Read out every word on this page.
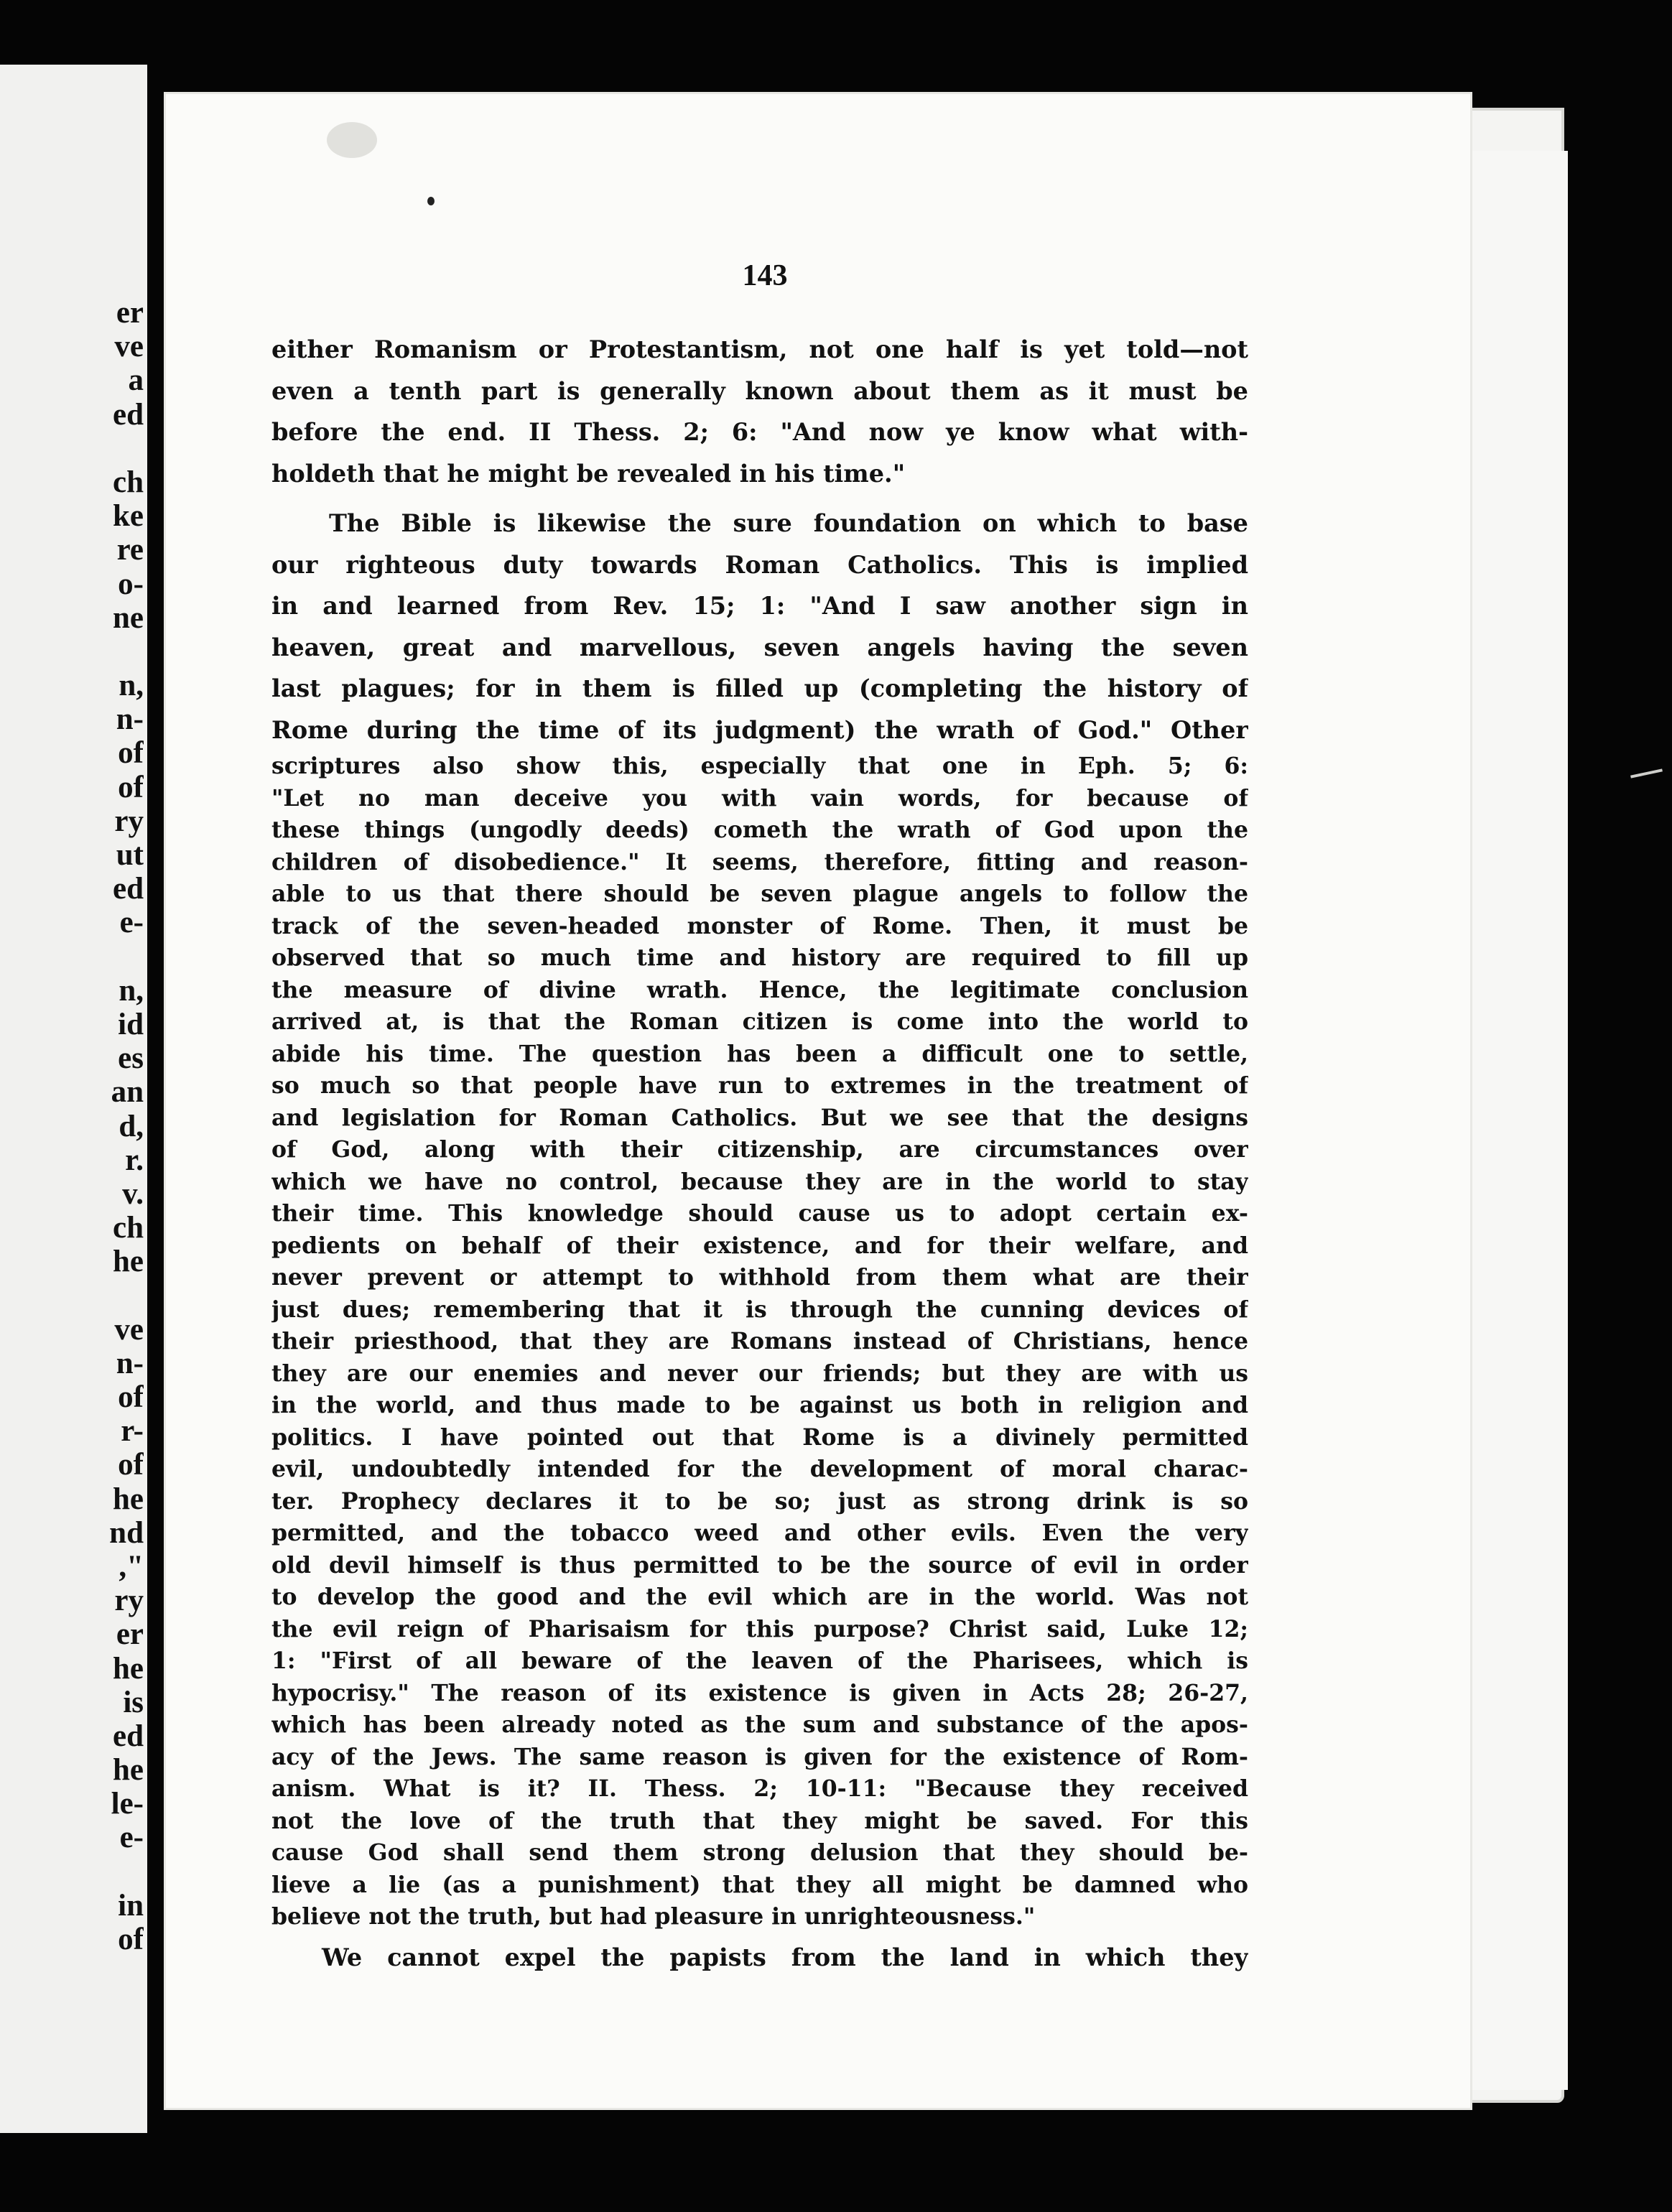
er
ve
a
ed
ch
ke
re
o-
ne
n,
n-
of
of
ry
ut
ed
e-
n,
id
es
an
d,
r.
v.
ch
he
ve
n-
of
r-
of
he
nd
,"
ry
er
he
is
ed
he
le-
e-
in
of
143
either Romanism or Protestantism, not one half is yet told—not
even a tenth part is generally known about them as it must be
before the end. II Thess. 2; 6: "And now ye know what with-
holdeth that he might be revealed in his time."
The Bible is likewise the sure foundation on which to base
our righteous duty towards Roman Catholics. This is implied
in and learned from Rev. 15; 1: "And I saw another sign in
heaven, great and marvellous, seven angels having the seven
last plagues; for in them is filled up (completing the history of
Rome during the time of its judgment) the wrath of God." Other
scriptures also show this, especially that one in Eph. 5; 6:
"Let no man deceive you with vain words, for because of
these things (ungodly deeds) cometh the wrath of God upon the
children of disobedience." It seems, therefore, fitting and reason-
able to us that there should be seven plague angels to follow the
track of the seven-headed monster of Rome. Then, it must be
observed that so much time and history are required to fill up
the measure of divine wrath. Hence, the legitimate conclusion
arrived at, is that the Roman citizen is come into the world to
abide his time. The question has been a difficult one to settle,
so much so that people have run to extremes in the treatment of
and legislation for Roman Catholics. But we see that the designs
of God, along with their citizenship, are circumstances over
which we have no control, because they are in the world to stay
their time. This knowledge should cause us to adopt certain ex-
pedients on behalf of their existence, and for their welfare, and
never prevent or attempt to withhold from them what are their
just dues; remembering that it is through the cunning devices of
their priesthood, that they are Romans instead of Christians, hence
they are our enemies and never our friends; but they are with us
in the world, and thus made to be against us both in religion and
politics. I have pointed out that Rome is a divinely permitted
evil, undoubtedly intended for the development of moral charac-
ter. Prophecy declares it to be so; just as strong drink is so
permitted, and the tobacco weed and other evils. Even the very
old devil himself is thus permitted to be the source of evil in order
to develop the good and the evil which are in the world. Was not
the evil reign of Pharisaism for this purpose? Christ said, Luke 12;
1: "First of all beware of the leaven of the Pharisees, which is
hypocrisy." The reason of its existence is given in Acts 28; 26-27,
which has been already noted as the sum and substance of the apos-
acy of the Jews. The same reason is given for the existence of Rom-
anism. What is it? II. Thess. 2; 10-11: "Because they received
not the love of the truth that they might be saved. For this
cause God shall send them strong delusion that they should be-
lieve a lie (as a punishment) that they all might be damned who
believe not the truth, but had pleasure in unrighteousness."
We cannot expel the papists from the land in which they
